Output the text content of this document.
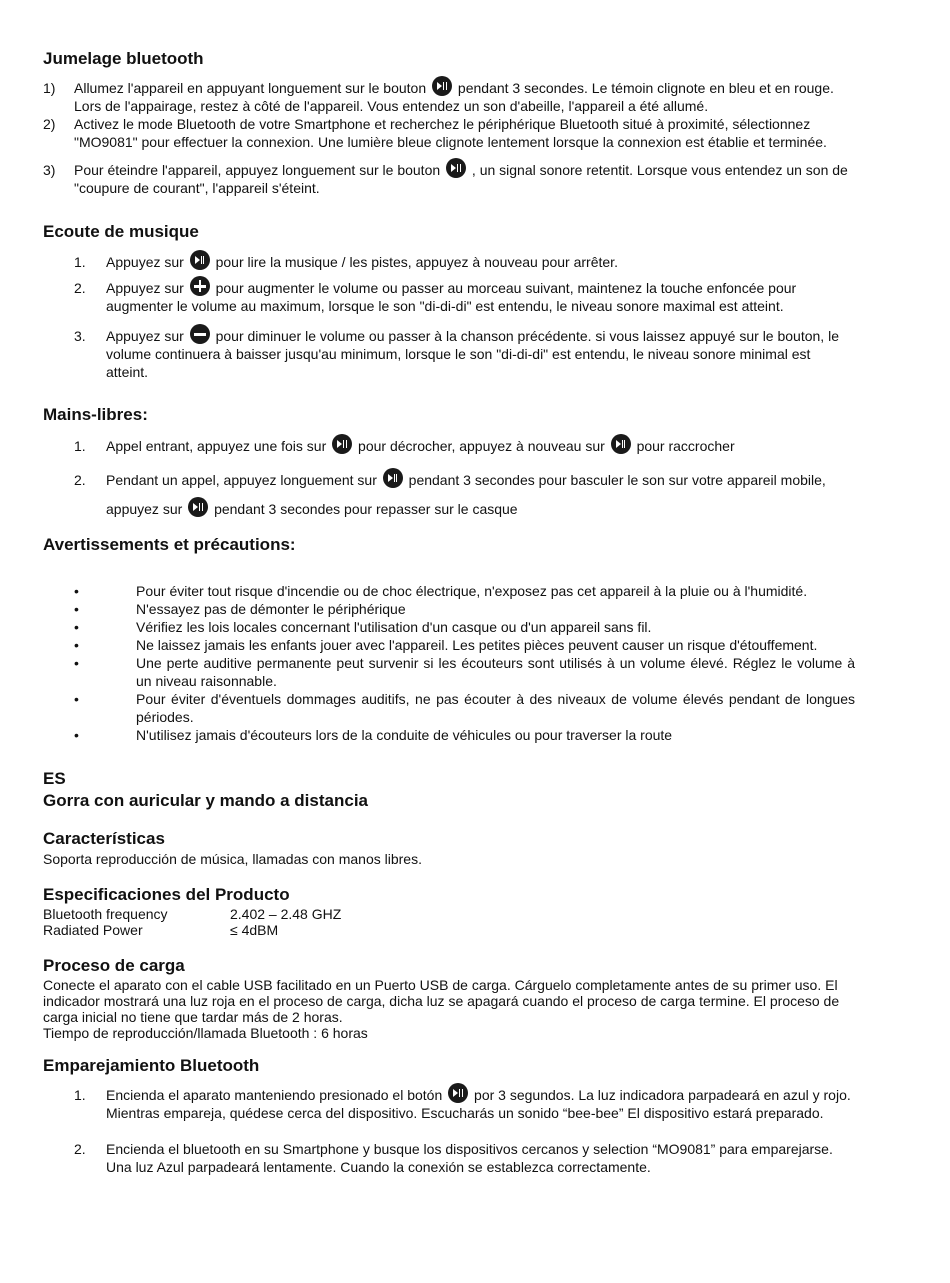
Jumelage bluetooth
1) Allumez l'appareil en appuyant longuement sur le bouton pendant 3 secondes. Le témoin clignote en bleu et en rouge. Lors de l'appairage, restez à côté de l'appareil. Vous entendez un son d'abeille, l'appareil a été allumé.
2) Activez le mode Bluetooth de votre Smartphone et recherchez le périphérique Bluetooth situé à proximité, sélectionnez "MO9081" pour effectuer la connexion. Une lumière bleue clignote lentement lorsque la connexion est établie et terminée.
3) Pour éteindre l'appareil, appuyez longuement sur le bouton , un signal sonore retentit. Lorsque vous entendez un son de "coupure de courant", l'appareil s'éteint.
Ecoute de musique
1. Appuyez sur pour lire la musique / les pistes, appuyez à nouveau pour arrêter.
2. Appuyez sur pour augmenter le volume ou passer au morceau suivant, maintenez la touche enfoncée pour augmenter le volume au maximum, lorsque le son "di-di-di" est entendu, le niveau sonore maximal est atteint.
3. Appuyez sur pour diminuer le volume ou passer à la chanson précédente. si vous laissez appuyé sur le bouton, le volume continuera à baisser jusqu'au minimum, lorsque le son "di-di-di" est entendu, le niveau sonore minimal est atteint.
Mains-libres:
1. Appel entrant, appuyez une fois sur pour décrocher, appuyez à nouveau sur pour raccrocher
2. Pendant un appel, appuyez longuement sur pendant 3 secondes pour basculer le son sur votre appareil mobile,
appuyez sur pendant 3 secondes pour repasser sur le casque
Avertissements et précautions:
• Pour éviter tout risque d'incendie ou de choc électrique, n'exposez pas cet appareil à la pluie ou à l'humidité.
• N'essayez pas de démonter le périphérique
• Vérifiez les lois locales concernant l'utilisation d'un casque ou d'un appareil sans fil.
• Ne laissez jamais les enfants jouer avec l'appareil. Les petites pièces peuvent causer un risque d'étouffement.
• Une perte auditive permanente peut survenir si les écouteurs sont utilisés à un volume élevé. Réglez le volume à un niveau raisonnable.
• Pour éviter d'éventuels dommages auditifs, ne pas écouter à des niveaux de volume élevés pendant de longues périodes.
• N'utilisez jamais d'écouteurs lors de la conduite de véhicules ou pour traverser la route
ES
Gorra con auricular y mando a distancia
Características

Soporta reproducción de música, llamadas con manos libres.

Especificaciones del Producto
Bluetooth frequency	2.402 – 2.48 GHZ
Radiated Power	≤ 4dBM
Proceso de carga

Conecte el aparato con el cable USB facilitado en un Puerto USB de carga. Cárguelo completamente antes de su primer uso. El indicador mostrará una luz roja en el proceso de carga, dicha luz se apagará cuando el proceso de carga termine. El proceso de carga inicial no tiene que tardar más de 2 horas.

Tiempo de reproducción/llamada Bluetooth : 6 horas

Emparejamiento Bluetooth
1. Encienda el aparato manteniendo presionado el botón por 3 segundos. La luz indicadora parpadeará en azul y rojo. Mientras empareja, quédese cerca del dispositivo. Escucharás un sonido “bee-bee” El dispositivo estará preparado.
2. Encienda el bluetooth en su Smartphone y busque los dispositivos cercanos y selection “MO9081” para emparejarse. Una luz Azul parpadeará lentamente. Cuando la conexión se establezca correctamente.
